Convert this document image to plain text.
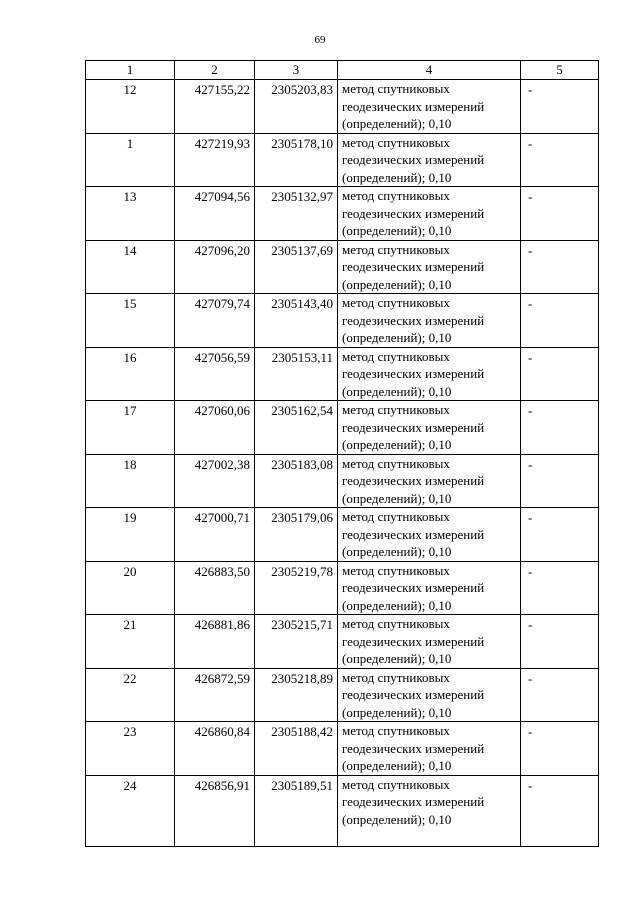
69
1	2	3	4	5
12	427155,22	2305203,83	метод спутниковых
геодезических измерений
(определений); 0,10	-
1	427219,93	2305178,10	метод спутниковых
геодезических измерений
(определений); 0,10	-
13	427094,56	2305132,97	метод спутниковых
геодезических измерений
(определений); 0,10	-
14	427096,20	2305137,69	метод спутниковых
геодезических измерений
(определений); 0,10	-
15	427079,74	2305143,40	метод спутниковых
геодезических измерений
(определений); 0,10	-
16	427056,59	2305153,11	метод спутниковых
геодезических измерений
(определений); 0,10	-
17	427060,06	2305162,54	метод спутниковых
геодезических измерений
(определений); 0,10	-
18	427002,38	2305183,08	метод спутниковых
геодезических измерений
(определений); 0,10	-
19	427000,71	2305179,06	метод спутниковых
геодезических измерений
(определений); 0,10	-
20	426883,50	2305219,78	метод спутниковых
геодезических измерений
(определений); 0,10	-
21	426881,86	2305215,71	метод спутниковых
геодезических измерений
(определений); 0,10	-
22	426872,59	2305218,89	метод спутниковых
геодезических измерений
(определений); 0,10	-
23	426860,84	2305188,42	метод спутниковых
геодезических измерений
(определений); 0,10	-
24	426856,91	2305189,51	метод спутниковых
геодезических измерений
(определений); 0,10	-
